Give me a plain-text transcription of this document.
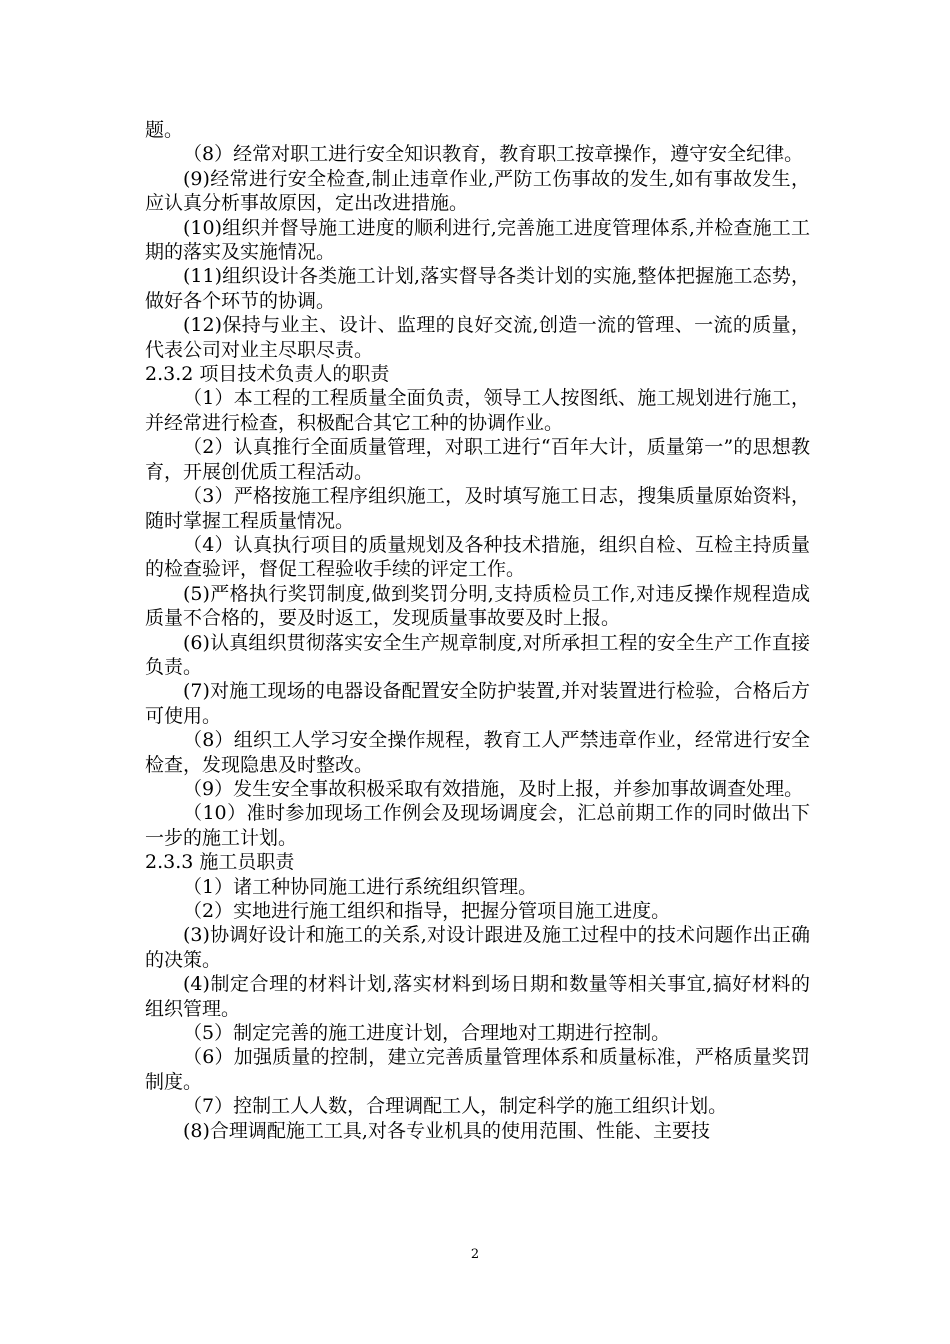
题。

（8）经常对职工进行安全知识教育，教育职工按章操作，遵守安全纪律。

(9)经常进行安全检查,制止违章作业,严防工伤事故的发生,如有事故发生，应认真分析事故原因，定出改进措施。

(10)组织并督导施工进度的顺利进行,完善施工进度管理体系,并检查施工工期的落实及实施情况。

(11)组织设计各类施工计划,落实督导各类计划的实施,整体把握施工态势，做好各个环节的协调。

(12)保持与业主、设计、监理的良好交流,创造一流的管理、一流的质量，代表公司对业主尽职尽责。

2.3.2 项目技术负责人的职责

（1）本工程的工程质量全面负责，领导工人按图纸、施工规划进行施工，并经常进行检查，积极配合其它工种的协调作业。

（2）认真推行全面质量管理，对职工进行“百年大计，质量第一”的思想教育，开展创优质工程活动。

（3）严格按施工程序组织施工，及时填写施工日志，搜集质量原始资料，随时掌握工程质量情况。

（4）认真执行项目的质量规划及各种技术措施，组织自检、互检主持质量的检查验评，督促工程验收手续的评定工作。

(5)严格执行奖罚制度,做到奖罚分明,支持质检员工作,对违反操作规程造成质量不合格的，要及时返工，发现质量事故要及时上报。

(6)认真组织贯彻落实安全生产规章制度,对所承担工程的安全生产工作直接负责。

(7)对施工现场的电器设备配置安全防护装置,并对装置进行检验，合格后方可使用。

（8）组织工人学习安全操作规程，教育工人严禁违章作业，经常进行安全检查，发现隐患及时整改。

（9）发生安全事故积极采取有效措施，及时上报，并参加事故调查处理。

（10）准时参加现场工作例会及现场调度会，汇总前期工作的同时做出下一步的施工计划。

2.3.3 施工员职责

（1）诸工种协同施工进行系统组织管理。

（2）实地进行施工组织和指导，把握分管项目施工进度。

(3)协调好设计和施工的关系,对设计跟进及施工过程中的技术问题作出正确的决策。

(4)制定合理的材料计划,落实材料到场日期和数量等相关事宜,搞好材料的组织管理。

（5）制定完善的施工进度计划，合理地对工期进行控制。

（6）加强质量的控制，建立完善质量管理体系和质量标准，严格质量奖罚制度。

（7）控制工人人数，合理调配工人，制定科学的施工组织计划。

(8)合理调配施工工具,对各专业机具的使用范围、性能、主要技

2
